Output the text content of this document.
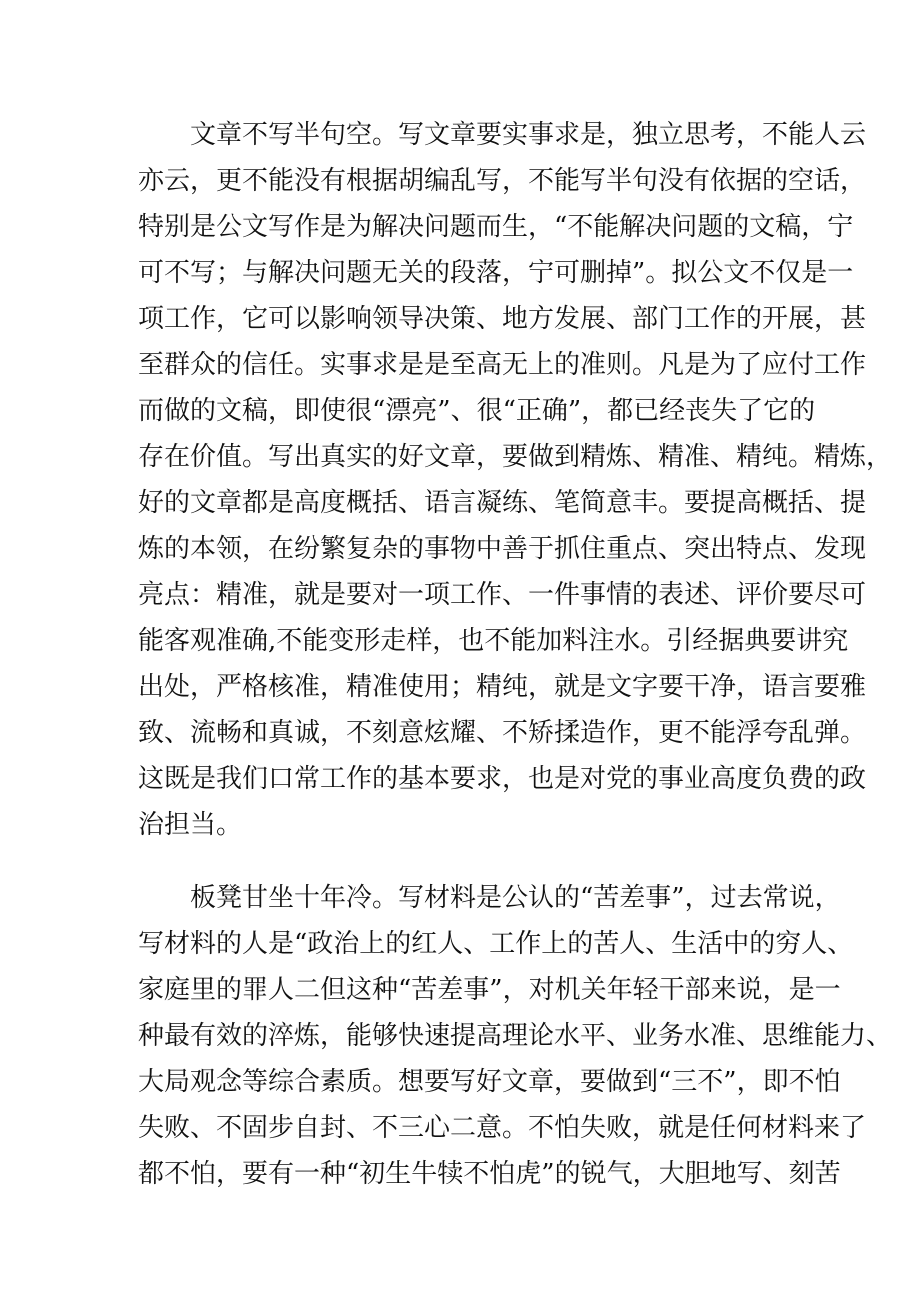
文章不写半句空。写文章要实事求是，独立思考，不能人云
亦云，更不能没有根据胡编乱写，不能写半句没有依据的空话，
特别是公文写作是为解决问题而生，“不能解决问题的文稿，宁
可不写；与解决问题无关的段落，宁可删掉”。拟公文不仅是一
项工作，它可以影响领导决策、地方发展、部门工作的开展，甚
至群众的信任。实事求是是至高无上的准则。凡是为了应付工作
而做的文稿，即使很“漂亮”、很“正确”，都已经丧失了它的
存在价值。写出真实的好文章，要做到精炼、精准、精纯。精炼，
好的文章都是高度概括、语言凝练、笔简意丰。要提高概括、提
炼的本领，在纷繁复杂的事物中善于抓住重点、突出特点、发现
亮点：精准，就是要对一项工作、一件事情的表述、评价要尽可
能客观准确,不能变形走样，也不能加料注水。引经据典要讲究
出处，严格核准，精准使用；精纯，就是文字要干净，语言要雅
致、流畅和真诚，不刻意炫耀、不矫揉造作，更不能浮夸乱弹。
这既是我们口常工作的基本要求，也是对党的事业高度负费的政
治担当。
板凳甘坐十年冷。写材料是公认的“苦差事”，过去常说，
写材料的人是“政治上的红人、工作上的苦人、生活中的穷人、
家庭里的罪人二但这种“苦差事”，对机关年轻干部来说，是一
种最有效的淬炼，能够快速提高理论水平、业务水准、思维能力、
大局观念等综合素质。想要写好文章，要做到“三不”，即不怕
失败、不固步自封、不三心二意。不怕失败，就是任何材料来了
都不怕，要有一种“初生牛犊不怕虎”的锐气，大胆地写、刻苦
